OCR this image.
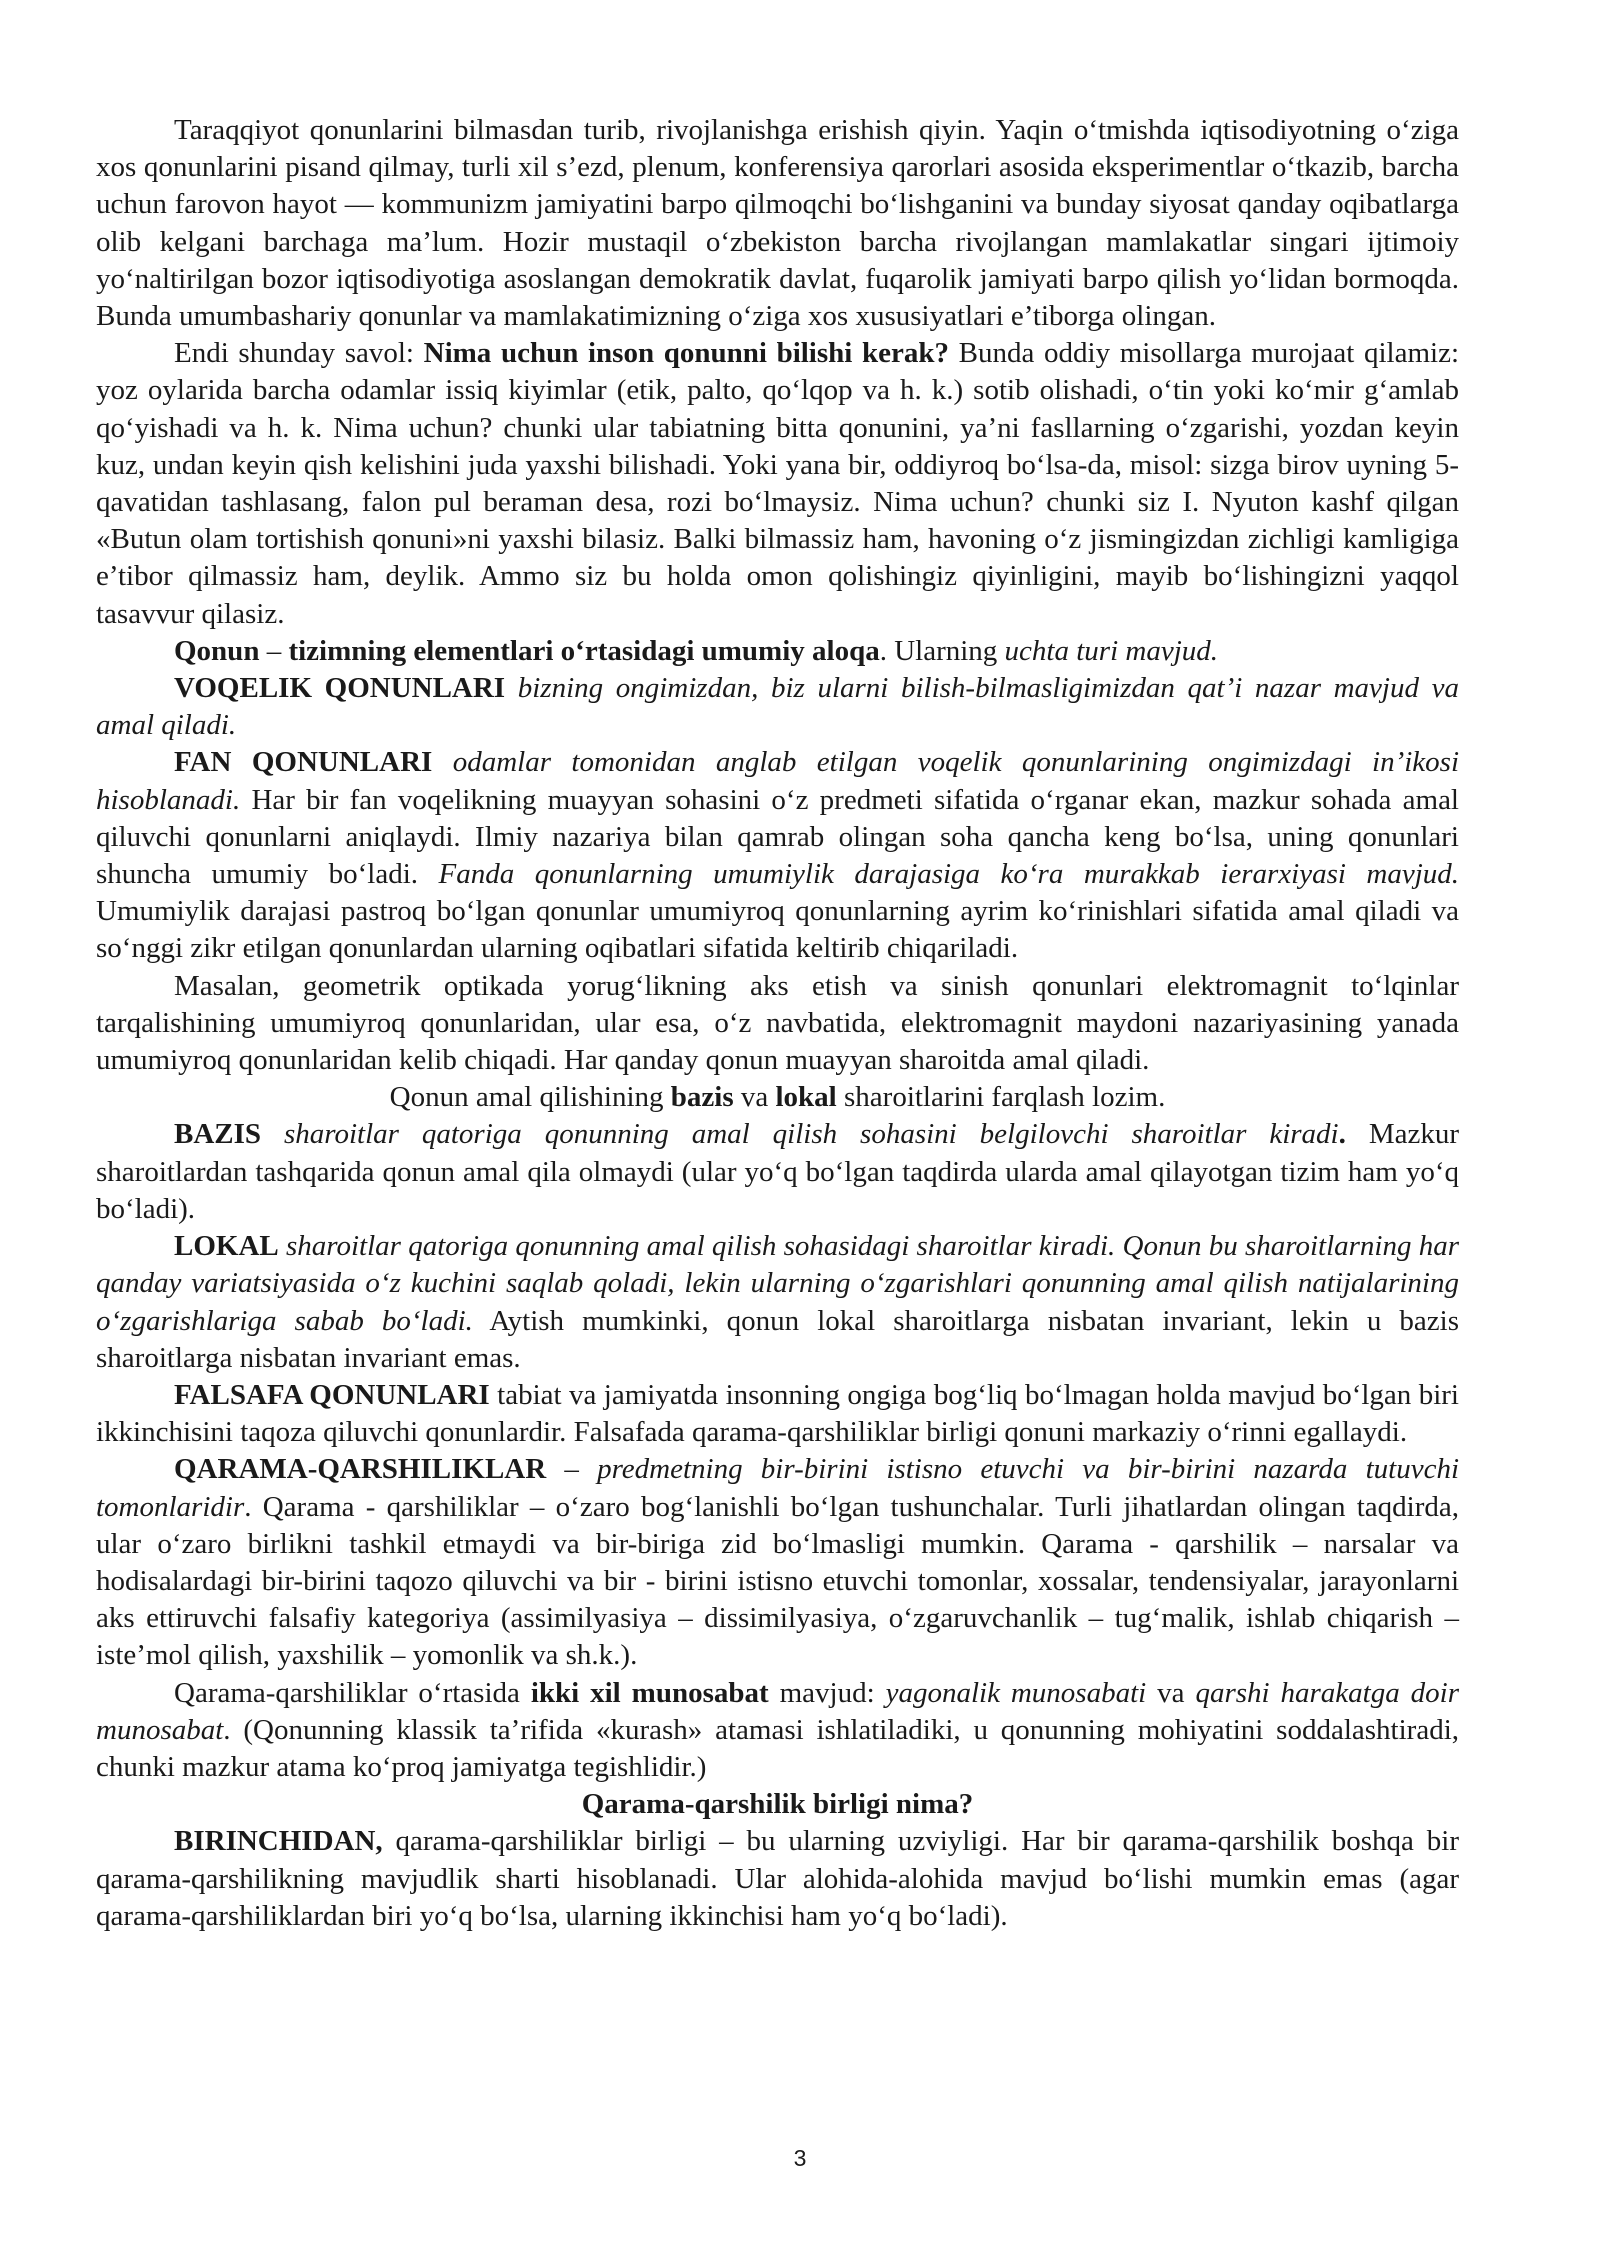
Taraqqiyot qonunlarini bilmasdan turib, rivojlanishga erishish qiyin. Yaqin o‘tmishda iqtisodiyotning o‘ziga xos qonunlarini pisand qilmay, turli xil s’ezd, plenum, konferensiya qarorlari asosida eksperimentlar o‘tkazib, barcha uchun farovon hayot — kommunizm jamiyatini barpo qilmoqchi bo‘lishganini va bunday siyosat qanday oqibatlarga olib kelgani barchaga ma’lum. Hozir mustaqil o‘zbekiston barcha rivojlangan mamlakatlar singari ijtimoiy yo‘naltirilgan bozor iqtisodiyotiga asoslangan demokratik davlat, fuqarolik jamiyati barpo qilish yo‘lidan bormoqda. Bunda umumbashariy qonunlar va mamlakatimizning o‘ziga xos xususiyatlari e’tiborga olingan.

Endi shunday savol: Nima uchun inson qonunni bilishi kerak? Bunda oddiy misollarga murojaat qilamiz: yoz oylarida barcha odamlar issiq kiyimlar (etik, palto, qo‘lqop va h. k.) sotib olishadi, o‘tin yoki ko‘mir g‘amlab qo‘yishadi va h. k. Nima uchun? chunki ular tabiatning bitta qonunini, ya’ni fasllarning o‘zgarishi, yozdan keyin kuz, undan keyin qish kelishini juda yaxshi bilishadi. Yoki yana bir, oddiyroq bo‘lsa-da, misol: sizga birov uyning 5-qavatidan tashlasang, falon pul beraman desa, rozi bo‘lmaysiz. Nima uchun? chunki siz I. Nyuton kashf qilgan «Butun olam tortishish qonuni»ni yaxshi bilasiz. Balki bilmassiz ham, havoning o‘z jismingizdan zichligi kamligiga e’tibor qilmassiz ham, deylik. Ammo siz bu holda omon qolishingiz qiyinligini, mayib bo‘lishingizni yaqqol tasavvur qilasiz.

Qonun – tizimning elementlari o‘rtasidagi umumiy aloqa. Ularning uchta turi mavjud.

VOQELIK QONUNLARI bizning ongimizdan, biz ularni bilish-bilmasligimizdan qat’i nazar mavjud va amal qiladi.

FAN QONUNLARI odamlar tomonidan anglab etilgan voqelik qonunlarining ongimizdagi in’ikosi hisoblanadi. Har bir fan voqelikning muayyan sohasini o‘z predmeti sifatida o‘rganar ekan, mazkur sohada amal qiluvchi qonunlarni aniqlaydi. Ilmiy nazariya bilan qamrab olingan soha qancha keng bo‘lsa, uning qonunlari shuncha umumiy bo‘ladi. Fanda qonunlarning umumiylik darajasiga ko‘ra murakkab ierarxiyasi mavjud. Umumiylik darajasi pastroq bo‘lgan qonunlar umumiyroq qonunlarning ayrim ko‘rinishlari sifatida amal qiladi va so‘nggi zikr etilgan qonunlardan ularning oqibatlari sifatida keltirib chiqariladi.

Masalan, geometrik optikada yorug‘likning aks etish va sinish qonunlari elektromagnit to‘lqinlar tarqalishining umumiyroq qonunlaridan, ular esa, o‘z navbatida, elektromagnit maydoni nazariyasining yanada umumiyroq qonunlaridan kelib chiqadi. Har qanday qonun muayyan sharoitda amal qiladi.

Qonun amal qilishining bazis va lokal sharoitlarini farqlash lozim.

BAZIS sharoitlar qatoriga qonunning amal qilish sohasini belgilovchi sharoitlar kiradi. Mazkur sharoitlardan tashqarida qonun amal qila olmaydi (ular yo‘q bo‘lgan taqdirda ularda amal qilayotgan tizim ham yo‘q bo‘ladi).

LOKAL sharoitlar qatoriga qonunning amal qilish sohasidagi sharoitlar kiradi. Qonun bu sharoitlarning har qanday variatsiyasida o‘z kuchini saqlab qoladi, lekin ularning o‘zgarishlari qonunning amal qilish natijalarining o‘zgarishlariga sabab bo‘ladi. Aytish mumkinki, qonun lokal sharoitlarga nisbatan invariant, lekin u bazis sharoitlarga nisbatan invariant emas.

FALSAFA QONUNLARI tabiat va jamiyatda insonning ongiga bog‘liq bo‘lmagan holda mavjud bo‘lgan biri ikkinchisini taqoza qiluvchi qonunlardir. Falsafada qarama-qarshiliklar birligi qonuni markaziy o‘rinni egallaydi.

QARAMA-QARSHILIKLAR – predmetning bir-birini istisno etuvchi va bir-birini nazarda tutuvchi tomonlaridir. Qarama - qarshiliklar – o‘zaro bog‘lanishli bo‘lgan tushunchalar. Turli jihatlardan olingan taqdirda, ular o‘zaro birlikni tashkil etmaydi va bir-biriga zid bo‘lmasligi mumkin. Qarama - qarshilik – narsalar va hodisalardagi bir-birini taqozo qiluvchi va bir - birini istisno etuvchi tomonlar, xossalar, tendensiyalar, jarayonlarni aks ettiruvchi falsafiy kategoriya (assimilyasiya – dissimilyasiya, o‘zgaruvchanlik – tug‘malik, ishlab chiqarish – iste’mol qilish, yaxshilik – yomonlik va sh.k.).

Qarama-qarshiliklar o‘rtasida ikki xil munosabat mavjud: yagonalik munosabati va qarshi harakatga doir munosabat. (Qonunning klassik ta’rifida «kurash» atamasi ishlatiladiki, u qonunning mohiyatini soddalashtiradi, chunki mazkur atama ko‘proq jamiyatga tegishlidir.)

Qarama-qarshilik birligi nima?

BIRINCHIDAN, qarama-qarshiliklar birligi – bu ularning uzviyligi. Har bir qarama-qarshilik boshqa bir qarama-qarshilikning mavjudlik sharti hisoblanadi. Ular alohida-alohida mavjud bo‘lishi mumkin emas (agar qarama-qarshiliklardan biri yo‘q bo‘lsa, ularning ikkinchisi ham yo‘q bo‘ladi).

3
